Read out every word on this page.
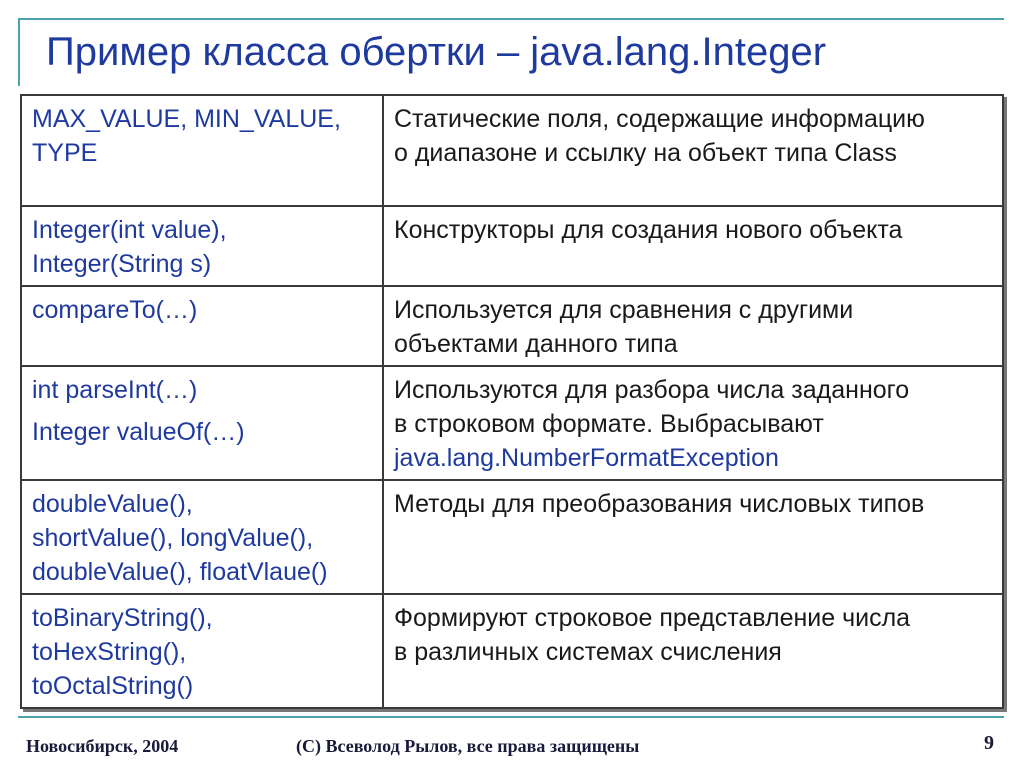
Пример класса обертки – java.lang.Integer
MAX_VALUE, MIN_VALUE,
TYPE	Статические поля, содержащие информацию
о диапазоне и ссылку на объект типа Class

Integer(int value),
Integer(String s)	Конструкторы для создания нового объекта

compareTo(…)	Используется для сравнения с другими
объектами данного типа

int parseInt(…)
Integer valueOf(…)	Используются для разбора числа заданного
в строковом формате. Выбрасывают
java.lang.NumberFormatException

doubleValue(),
shortValue(), longValue(),
doubleValue(), floatVlaue()	Методы для преобразования числовых типов

toBinaryString(),
toHexString(),
toOctalString()	Формируют строковое представление числа
в различных системах счисления
Новосибирск, 2004	(С) Всеволод Рылов, все права защищены	9
